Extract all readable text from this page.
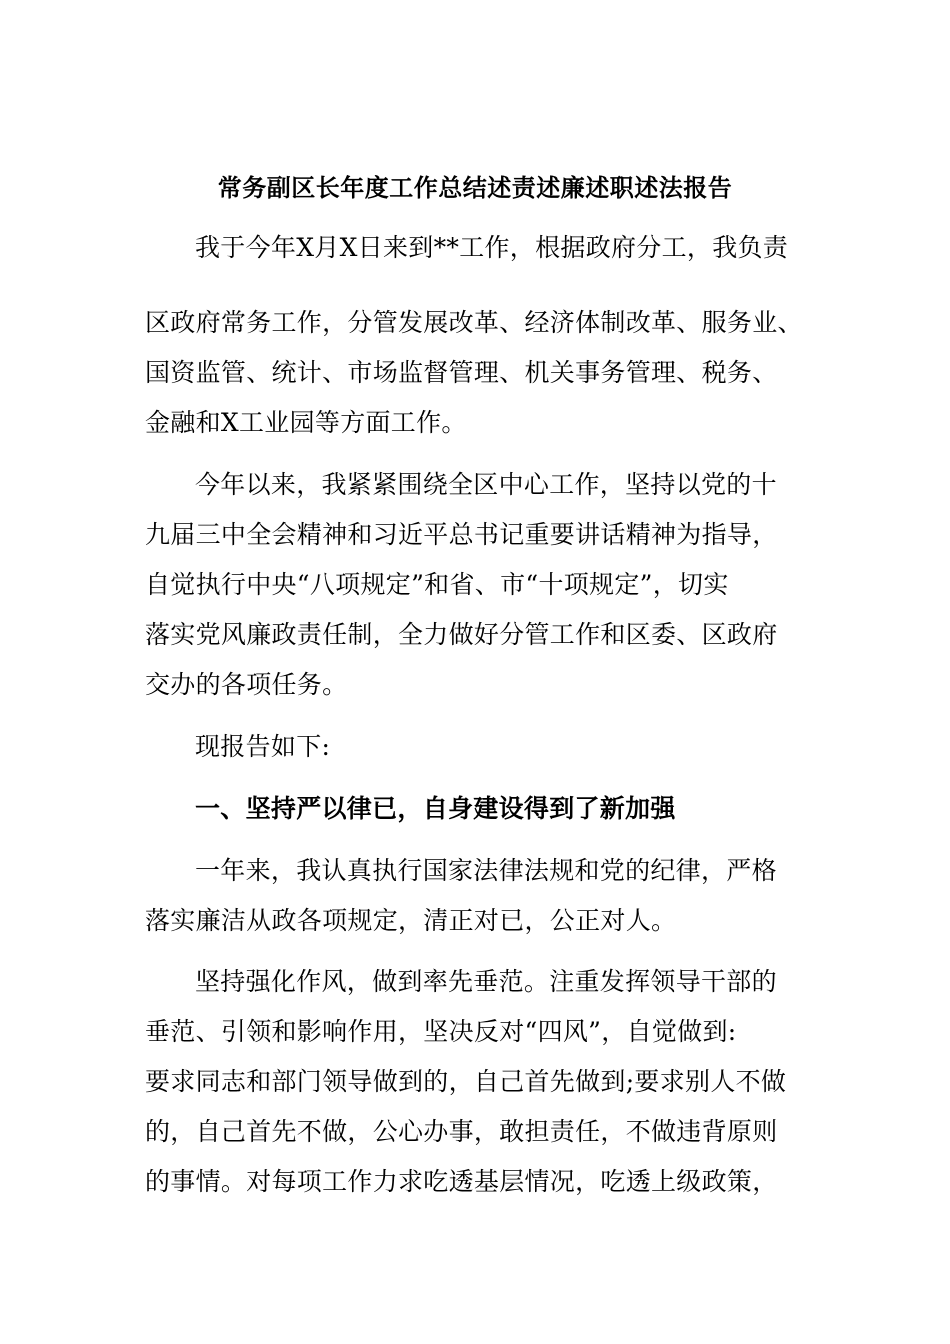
常务副区长年度工作总结述责述廉述职述法报告

我于今年X月X日来到**工作，根据政府分工，我负责

区政府常务工作，分管发展改革、经济体制改革、服务业、

国资监管、统计、市场监督管理、机关事务管理、税务、

金融和X工业园等方面工作。

今年以来，我紧紧围绕全区中心工作，坚持以党的十

九届三中全会精神和习近平总书记重要讲话精神为指导，

自觉执行中央“八项规定”和省、市“十项规定”，切实

落实党风廉政责任制，全力做好分管工作和区委、区政府

交办的各项任务。

现报告如下:

一、坚持严以律已，自身建设得到了新加强

一年来，我认真执行国家法律法规和党的纪律，严格

落实廉洁从政各项规定，清正对已，公正对人。

坚持强化作风，做到率先垂范。注重发挥领导干部的

垂范、引领和影响作用，坚决反对“四风”，自觉做到:

要求同志和部门领导做到的，自己首先做到;要求别人不做

的，自己首先不做，公心办事，敢担责任，不做违背原则

的事情。对每项工作力求吃透基层情况，吃透上级政策，
